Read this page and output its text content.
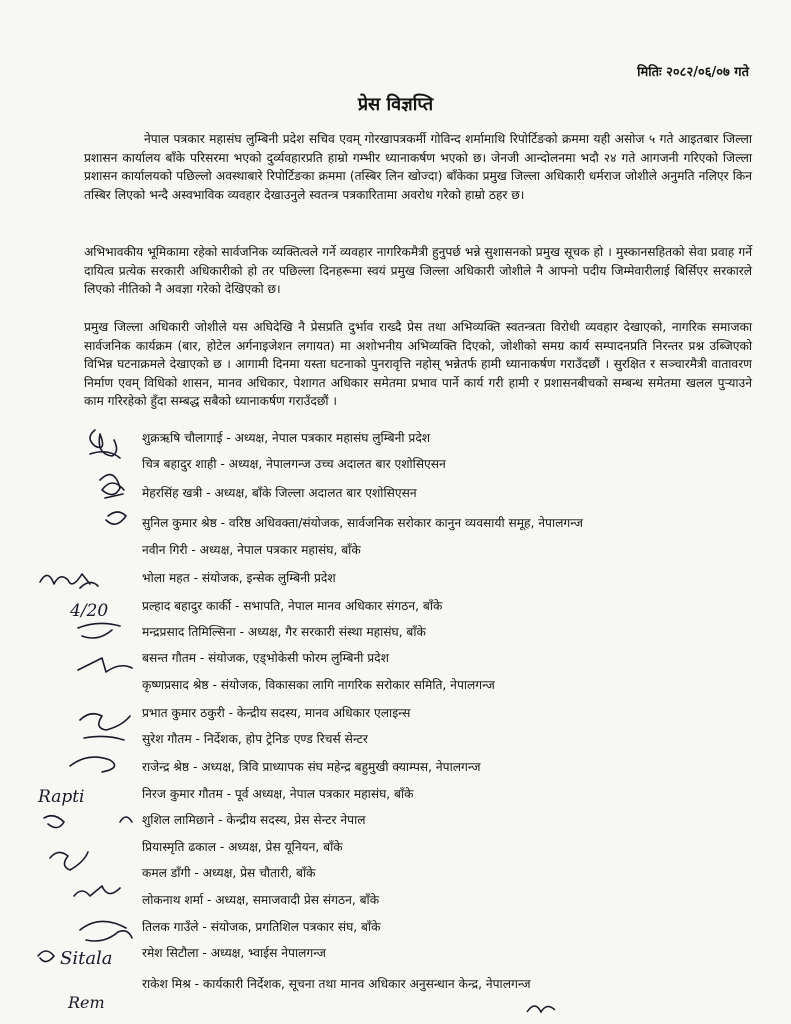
मितिः २०८२/०६/०७ गते
प्रेस विज्ञप्ति

नेपाल पत्रकार महासंघ लुम्बिनी प्रदेश सचिव एवम् गोरखापत्रकर्मी गोविन्द शर्मामाथि रिपोर्टिङको क्रममा यही असोज ५ गते आइतबार जिल्ला प्रशासन कार्यालय बाँके परिसरमा भएको दुर्व्यवहारप्रति हाम्रो गम्भीर ध्यानाकर्षण भएको छ। जेनजी आन्दोलनमा भदौ २४ गते आगजनी गरिएको जिल्ला प्रशासन कार्यालयको पछिल्लो अवस्थाबारे रिपोर्टिङका क्रममा (तस्बिर लिन खोज्दा) बाँकेका प्रमुख जिल्ला अधिकारी धर्मराज जोशीले अनुमति नलिएर किन तस्बिर लिएको भन्दै अस्वभाविक व्यवहार देखाउनुले स्वतन्त्र पत्रकारितामा अवरोध गरेको हाम्रो ठहर छ।

अभिभावकीय भूमिकामा रहेको सार्वजनिक व्यक्तित्वले गर्ने व्यवहार नागरिकमैत्री हुनुपर्छ भन्ने सुशासनको प्रमुख सूचक हो । मुस्कानसहितको सेवा प्रवाह गर्ने दायित्व प्रत्येक सरकारी अधिकारीको हो तर पछिल्ला दिनहरूमा स्वयं प्रमुख जिल्ला अधिकारी जोशीले नै आफ्नो पदीय जिम्मेवारीलाई बिर्सिएर सरकारले लिएको नीतिको नै अवज्ञा गरेको देखिएको छ।

प्रमुख जिल्ला अधिकारी जोशीले यस अघिदेखि नै प्रेसप्रति दुर्भाव राख्दै प्रेस तथा अभिव्यक्ति स्वतन्त्रता विरोधी व्यवहार देखाएको, नागरिक समाजका सार्वजनिक कार्यक्रम (बार, होटेल अर्गनाइजेशन लगायत) मा अशोभनीय अभिव्यक्ति दिएको, जोशीको समग्र कार्य सम्पादनप्रति निरन्तर प्रश्न उब्जिएको विभिन्न घटनाक्रमले देखाएको छ । आगामी दिनमा यस्ता घटनाको पुनरावृत्ति नहोस् भन्नेतर्फ हामी ध्यानाकर्षण गराउँदछौं । सुरक्षित र सञ्चारमैत्री वातावरण निर्माण एवम् विधिको शासन, मानव अधिकार, पेशागत अधिकार समेतमा प्रभाव पार्ने कार्य गरी हामी र प्रशासनबीचको सम्बन्ध समेतमा खलल पुऱ्याउने काम गरिरहेको हुँदा सम्बद्ध सबैको ध्यानाकर्षण गराउँदछौं ।

शुक्रऋषि चौलागाई - अध्यक्ष, नेपाल पत्रकार महासंघ लुम्बिनी प्रदेश
चित्र बहादुर शाही - अध्यक्ष, नेपालगन्ज उच्च अदालत बार एशोसिएसन
मेहरसिंह खत्री - अध्यक्ष, बाँके जिल्ला अदालत बार एशोसिएसन
सुनिल कुमार श्रेष्ठ - वरिष्ठ अधिवक्ता/संयोजक, सार्वजनिक सरोकार कानुन व्यवसायी समूह, नेपालगन्ज
नवीन गिरी - अध्यक्ष, नेपाल पत्रकार महासंघ, बाँके
भोला महत - संयोजक, इन्सेक लुम्बिनी प्रदेश
प्रल्हाद बहादुर कार्की - सभापति, नेपाल मानव अधिकार संगठन, बाँके
मन्द्रप्रसाद तिमिल्सिना - अध्यक्ष, गैर सरकारी संस्था महासंघ, बाँके
बसन्त गौतम - संयोजक, एड्भोकेसी फोरम लुम्बिनी प्रदेश
कृष्णप्रसाद श्रेष्ठ - संयोजक, विकासका लागि नागरिक सरोकार समिति, नेपालगन्ज
प्रभात कुमार ठकुरी - केन्द्रीय सदस्य, मानव अधिकार एलाइन्स
सुरेश गौतम - निर्देशक, होप ट्रेनिङ एण्ड रिचर्स सेन्टर
राजेन्द्र श्रेष्ठ - अध्यक्ष, त्रिवि प्राध्यापक संघ महेन्द्र बहुमुखी क्याम्पस, नेपालगन्ज
निरज कुमार गौतम - पूर्व अध्यक्ष, नेपाल पत्रकार महासंघ, बाँके
शुशिल लामिछाने - केन्द्रीय सदस्य, प्रेस सेन्टर नेपाल
प्रियास्मृति ढकाल - अध्यक्ष, प्रेस यूनियन, बाँके
कमल डाँगी - अध्यक्ष, प्रेस चौतारी, बाँके
लोकनाथ शर्मा - अध्यक्ष, समाजवादी प्रेस संगठन, बाँके
तिलक गाउँले - संयोजक, प्रगतिशिल पत्रकार संघ, बाँके
रमेश सिटौला - अध्यक्ष, भ्वाईस नेपालगन्ज
राकेश मिश्र - कार्यकारी निर्देशक, सूचना तथा मानव अधिकार अनुसन्धान केन्द्र, नेपालगन्ज
4/20
Rapti
Sitala
Rem
